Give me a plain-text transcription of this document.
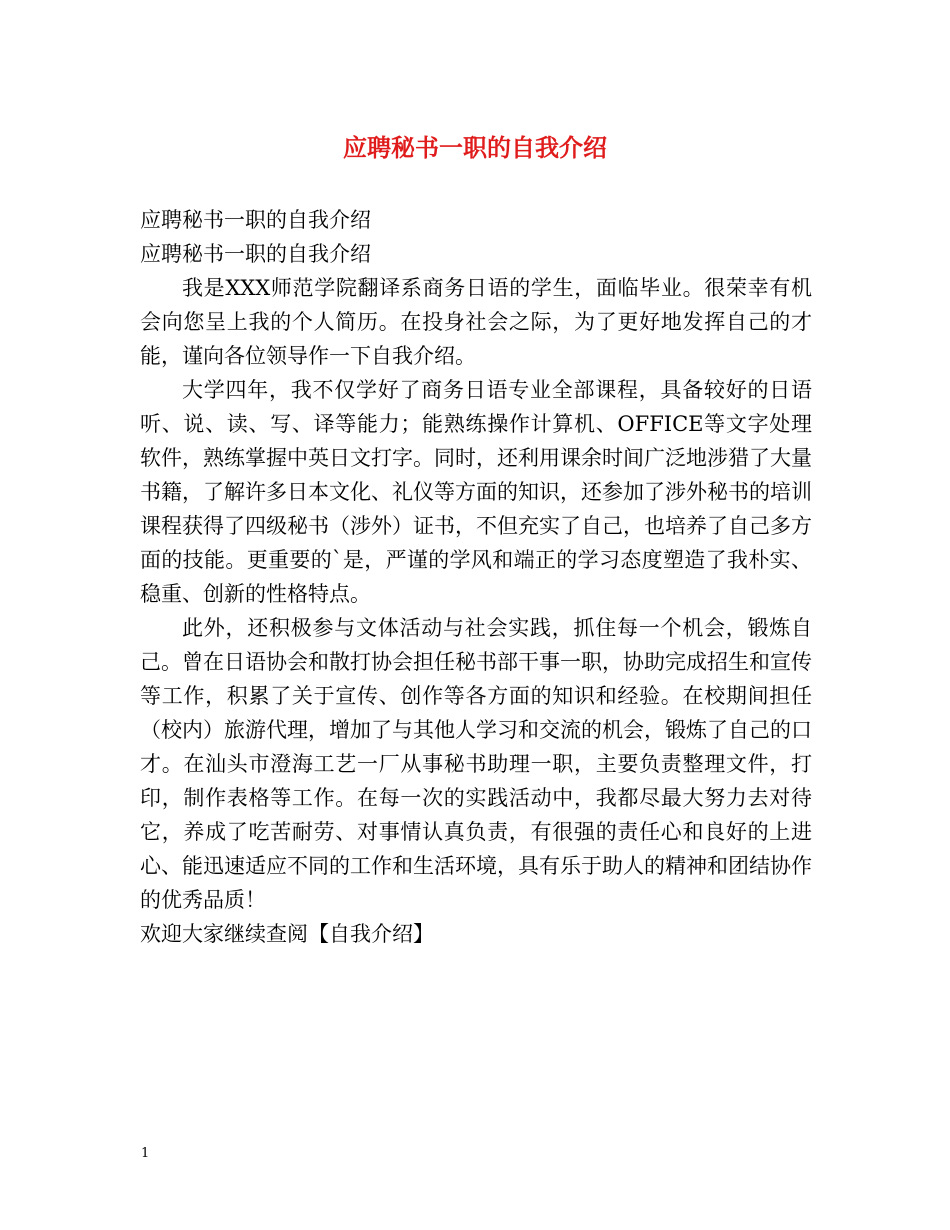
应聘秘书一职的自我介绍

应聘秘书一职的自我介绍

应聘秘书一职的自我介绍

我是XXX师范学院翻译系商务日语的学生，面临毕业。很荣幸有机会向您呈上我的个人简历。在投身社会之际，为了更好地发挥自己的才能，谨向各位领导作一下自我介绍。

大学四年，我不仅学好了商务日语专业全部课程，具备较好的日语听、说、读、写、译等能力；能熟练操作计算机、OFFICE等文字处理软件，熟练掌握中英日文打字。同时，还利用课余时间广泛地涉猎了大量书籍，了解许多日本文化、礼仪等方面的知识，还参加了涉外秘书的培训课程获得了四级秘书（涉外）证书，不但充实了自己，也培养了自己多方面的技能。更重要的`是，严谨的学风和端正的学习态度塑造了我朴实、稳重、创新的性格特点。

此外，还积极参与文体活动与社会实践，抓住每一个机会，锻炼自己。曾在日语协会和散打协会担任秘书部干事一职，协助完成招生和宣传等工作，积累了关于宣传、创作等各方面的知识和经验。在校期间担任（校内）旅游代理，增加了与其他人学习和交流的机会，锻炼了自己的口才。在汕头市澄海工艺一厂从事秘书助理一职，主要负责整理文件，打印，制作表格等工作。在每一次的实践活动中，我都尽最大努力去对待它，养成了吃苦耐劳、对事情认真负责，有很强的责任心和良好的上进心、能迅速适应不同的工作和生活环境，具有乐于助人的精神和团结协作的优秀品质！

欢迎大家继续查阅【自我介绍】

1
